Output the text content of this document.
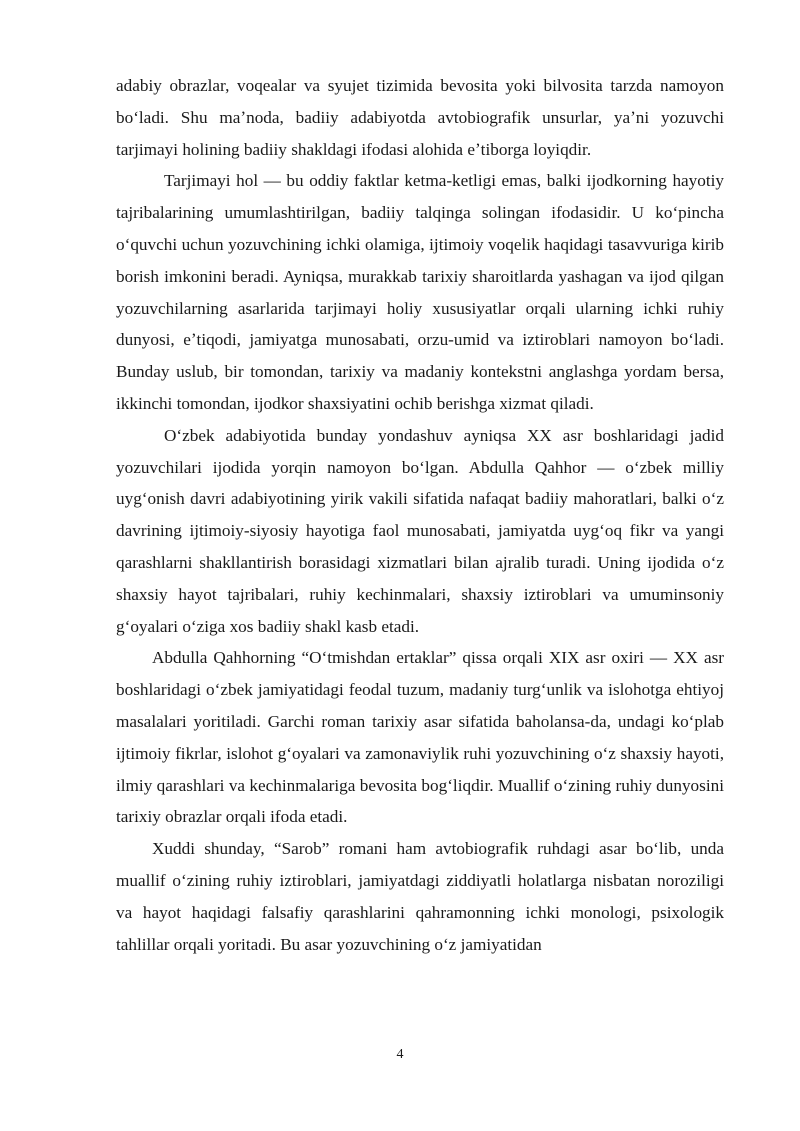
adabiy obrazlar, voqealar va syujet tizimida bevosita yoki bilvosita tarzda namoyon boʻladi. Shu maʼnoda, badiiy adabiyotda avtobiografik unsurlar, yaʼni yozuvchi tarjimayi holining badiiy shakldagi ifodasi alohida eʼtiborga loyiqdir.

Tarjimayi hol — bu oddiy faktlar ketma-ketligi emas, balki ijodkorning hayotiy tajribalarining umumlashtirilgan, badiiy talqinga solingan ifodasidir. U koʻpincha oʻquvchi uchun yozuvchining ichki olamiga, ijtimoiy voqelik haqidagi tasavvuriga kirib borish imkonini beradi. Ayniqsa, murakkab tarixiy sharoitlarda yashagan va ijod qilgan yozuvchilarning asarlarida tarjimayi holiy xususiyatlar orqali ularning ichki ruhiy dunyosi, eʼtiqodi, jamiyatga munosabati, orzu-umid va iztiroblari namoyon boʻladi. Bunday uslub, bir tomondan, tarixiy va madaniy kontekstni anglashga yordam bersa, ikkinchi tomondan, ijodkor shaxsiyatini ochib berishga xizmat qiladi.

Oʻzbek adabiyotida bunday yondashuv ayniqsa XX asr boshlaridagi jadid yozuvchilari ijodida yorqin namoyon boʻlgan. Abdulla Qahhor — oʻzbek milliy uygʻonish davri adabiyotining yirik vakili sifatida nafaqat badiiy mahoratlari, balki oʻz davrining ijtimoiy-siyosiy hayotiga faol munosabati, jamiyatda uygʻoq fikr va yangi qarashlarni shakllantirish borasidagi xizmatlari bilan ajralib turadi. Uning ijodida oʻz shaxsiy hayot tajribalari, ruhiy kechinmalari, shaxsiy iztiroblari va umuminsoniy gʻoyalari oʻziga xos badiiy shakl kasb etadi.

Abdulla Qahhorning “Oʻtmishdan ertaklar” qissa orqali XIX asr oxiri — XX asr boshlaridagi oʻzbek jamiyatidagi feodal tuzum, madaniy turgʻunlik va islohotga ehtiyoj masalalari yoritiladi. Garchi roman tarixiy asar sifatida baholansa-da, undagi koʻplab ijtimoiy fikrlar, islohot gʻoyalari va zamonaviylik ruhi yozuvchining oʻz shaxsiy hayoti, ilmiy qarashlari va kechinmalariga bevosita bogʻliqdir. Muallif oʻzining ruhiy dunyosini tarixiy obrazlar orqali ifoda etadi.

Xuddi shunday, “Sarob” romani ham avtobiografik ruhdagi asar boʻlib, unda muallif oʻzining ruhiy iztiroblari, jamiyatdagi ziddiyatli holatlarga nisbatan noroziligi va hayot haqidagi falsafiy qarashlarini qahramonning ichki monologi, psixologik tahlillar orqali yoritadi. Bu asar yozuvchining oʻz jamiyatidan

4
